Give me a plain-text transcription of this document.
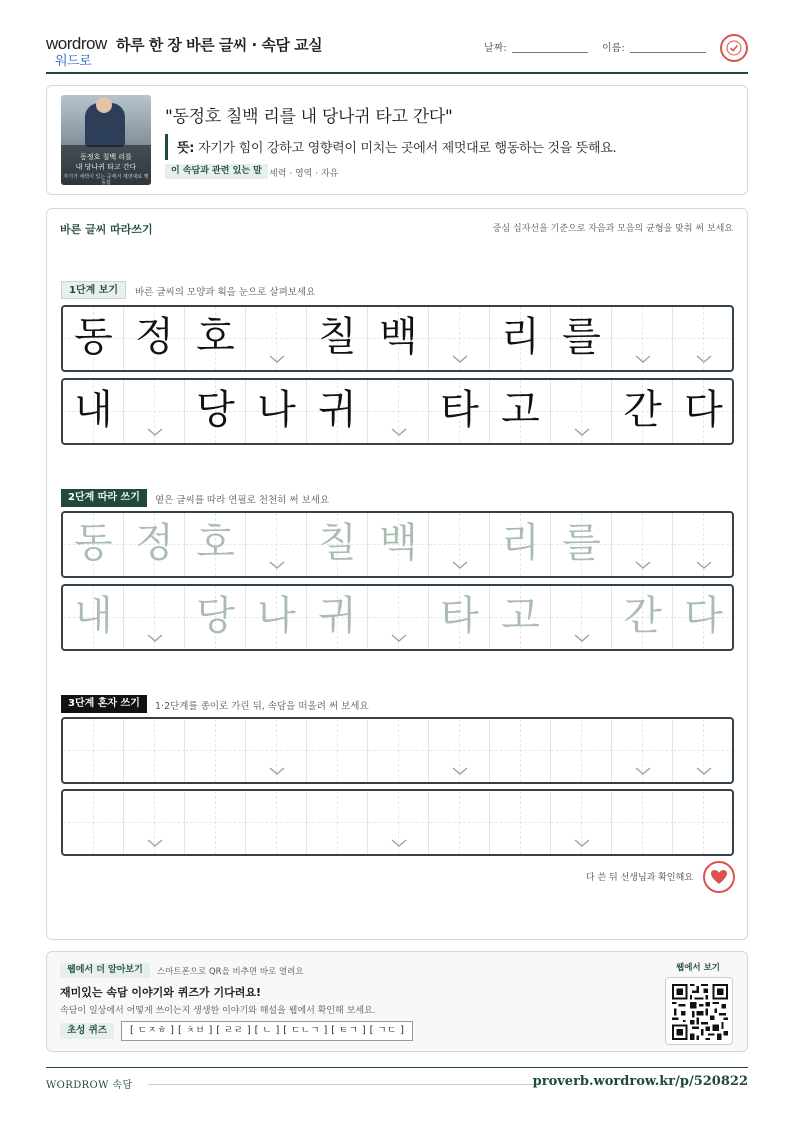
wordrow
워드로
하루 한 장 바른 글씨 · 속담 교실	날짜:	이름:
동정호 칠백 리를
내 당나귀 타고 간다
자기가 세력이 있는 곳에서 제멋대로 행동함
"동정호 칠백 리를 내 당나귀 타고 간다"
뜻: 자기가 힘이 강하고 영향력이 미치는 곳에서 제멋대로 행동하는 것을 뜻해요.
이 속담과 관련 있는 말 세력 · 영역 · 자유
바른 글씨 따라쓰기	중심 십자선을 기준으로 자음과 모음의 균형을 맞춰 써 보세요
1단계 보기	바른 글씨의 모양과 획을 눈으로 살펴보세요
동 정 호 칠 백 리 를
내 당 나 귀 타 고 간 다
2단계 따라 쓰기	옅은 글씨를 따라 연필로 천천히 써 보세요
동 정 호 칠 백 리 를
내 당 나 귀 타 고 간 다
3단계 혼자 쓰기	1·2단계를 종이로 가린 뒤, 속담을 떠올려 써 보세요
다 쓴 뒤 선생님과 확인해요
웹에서 더 알아보기	스마트폰으로 QR을 비추면 바로 열려요
재미있는 속담 이야기와 퀴즈가 기다려요!
속담이 일상에서 어떻게 쓰이는지 생생한 이야기와 해설을 웹에서 확인해 보세요.
초성 퀴즈	[ ㄷㅈㅎ ] [ ㅊㅂ ] [ ㄹㄹ ] [ ㄴ ] [ ㄷㄴㄱ ] [ ㅌㄱ ] [ ㄱㄷ ]
웹에서 보기
WORDROW 속담	proverb.wordrow.kr/p/520822
